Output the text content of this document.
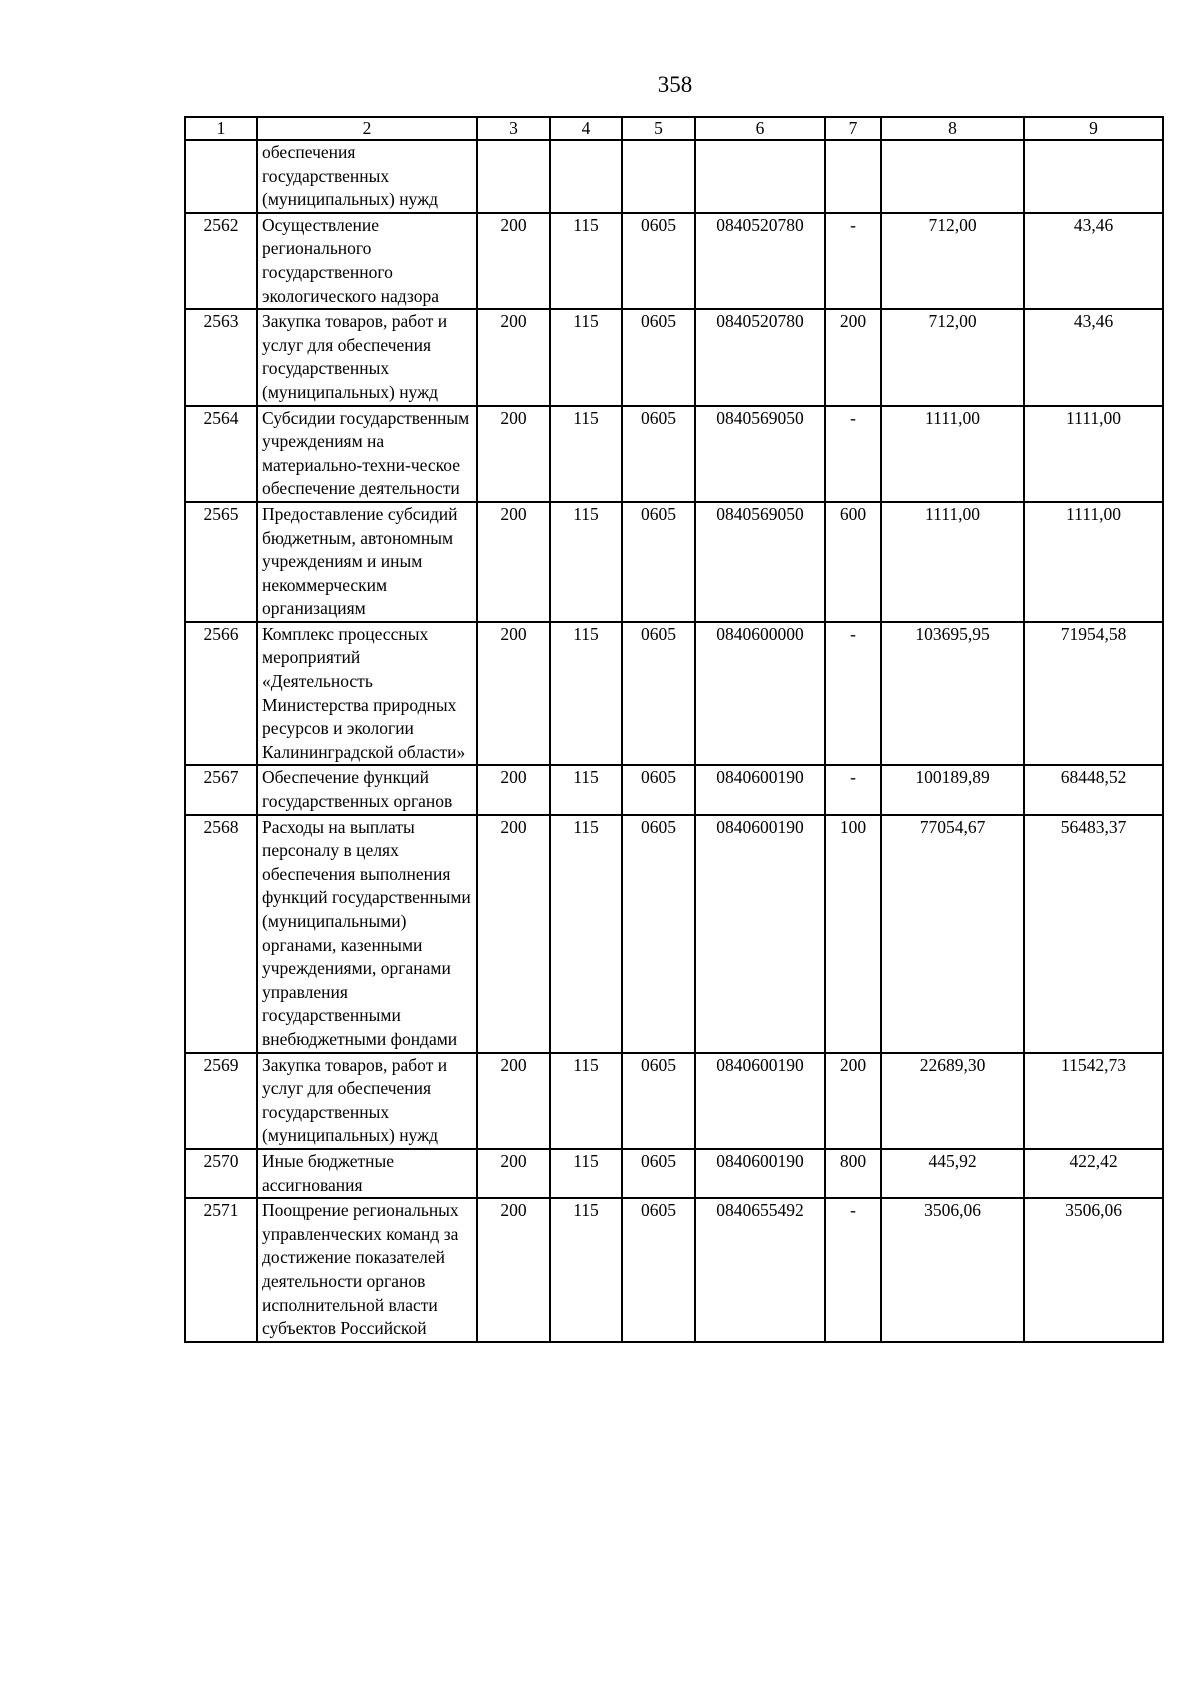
358
1	2	3	4	5	6	7	8	9
	обеспечения государственных (муниципальных) нужд							
2562	Осуществление регионального государственного экологического надзора	200	115	0605	0840520780	-	712,00	43,46
2563	Закупка товаров, работ и услуг для обеспечения государственных (муниципальных) нужд	200	115	0605	0840520780	200	712,00	43,46
2564	Субсидии государственным учреждениям на материально-техни-ческое обеспечение деятельности	200	115	0605	0840569050	-	1111,00	1111,00
2565	Предоставление субсидий бюджетным, автономным учреждениям и иным некоммерческим организациям	200	115	0605	0840569050	600	1111,00	1111,00
2566	Комплекс процессных мероприятий «Деятельность Министерства природных ресурсов и экологии Калининградской области»	200	115	0605	0840600000	-	103695,95	71954,58
2567	Обеспечение функций государственных органов	200	115	0605	0840600190	-	100189,89	68448,52
2568	Расходы на выплаты персоналу в целях обеспечения выполнения функций государственными (муниципальными) органами, казенными учреждениями, органами управления государственными внебюджетными фондами	200	115	0605	0840600190	100	77054,67	56483,37
2569	Закупка товаров, работ и услуг для обеспечения государственных (муниципальных) нужд	200	115	0605	0840600190	200	22689,30	11542,73
2570	Иные бюджетные ассигнования	200	115	0605	0840600190	800	445,92	422,42
2571	Поощрение региональных управленческих команд за достижение показателей деятельности органов исполнительной власти субъектов Российской	200	115	0605	0840655492	-	3506,06	3506,06
